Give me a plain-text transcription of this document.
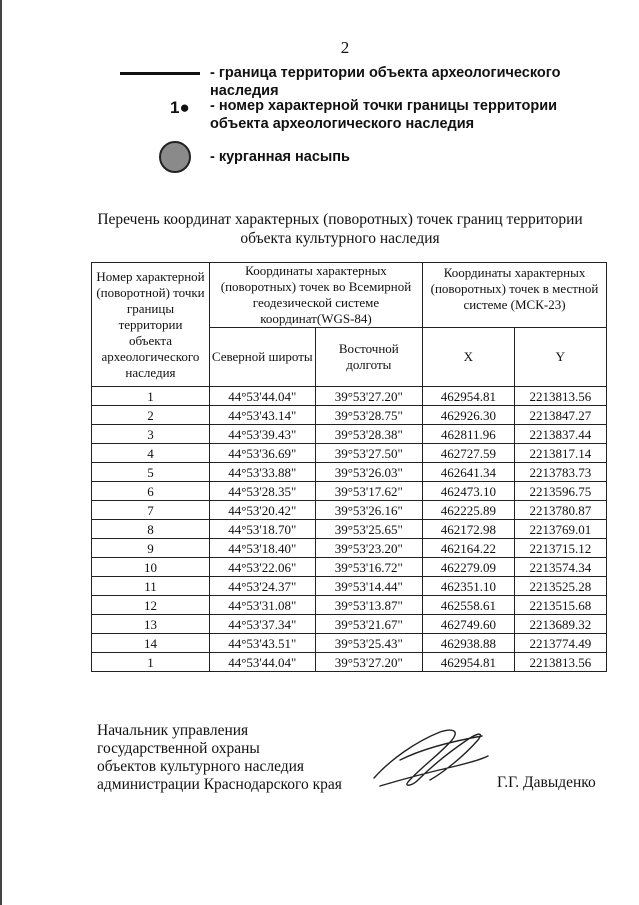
2
- граница территории объекта археологического наследия
1● - номер характерной точки границы территории объекта археологического наследия
- курганная насыпь
Перечень координат характерных (поворотных) точек границ территории объекта культурного наследия
Номер характерной (поворотной) точки границы территории объекта археологического наследия	Координаты характерных (поворотных) точек во Всемирной геодезической системе координат(WGS-84)		Координаты характерных (поворотных) точек в местной системе (МСК-23)	
	Северной широты	Восточной долготы	X	Y
1	44°53'44.04"	39°53'27.20"	462954.81	2213813.56
2	44°53'43.14"	39°53'28.75"	462926.30	2213847.27
3	44°53'39.43"	39°53'28.38"	462811.96	2213837.44
4	44°53'36.69"	39°53'27.50"	462727.59	2213817.14
5	44°53'33.88"	39°53'26.03"	462641.34	2213783.73
6	44°53'28.35"	39°53'17.62"	462473.10	2213596.75
7	44°53'20.42"	39°53'26.16"	462225.89	2213780.87
8	44°53'18.70"	39°53'25.65"	462172.98	2213769.01
9	44°53'18.40"	39°53'23.20"	462164.22	2213715.12
10	44°53'22.06"	39°53'16.72"	462279.09	2213574.34
11	44°53'24.37"	39°53'14.44"	462351.10	2213525.28
12	44°53'31.08"	39°53'13.87"	462558.61	2213515.68
13	44°53'37.34"	39°53'21.67"	462749.60	2213689.32
14	44°53'43.51"	39°53'25.43"	462938.88	2213774.49
1	44°53'44.04"	39°53'27.20"	462954.81	2213813.56
Начальник управления
государственной охраны
объектов культурного наследия
администрации Краснодарского края	Г.Г. Давыденко
